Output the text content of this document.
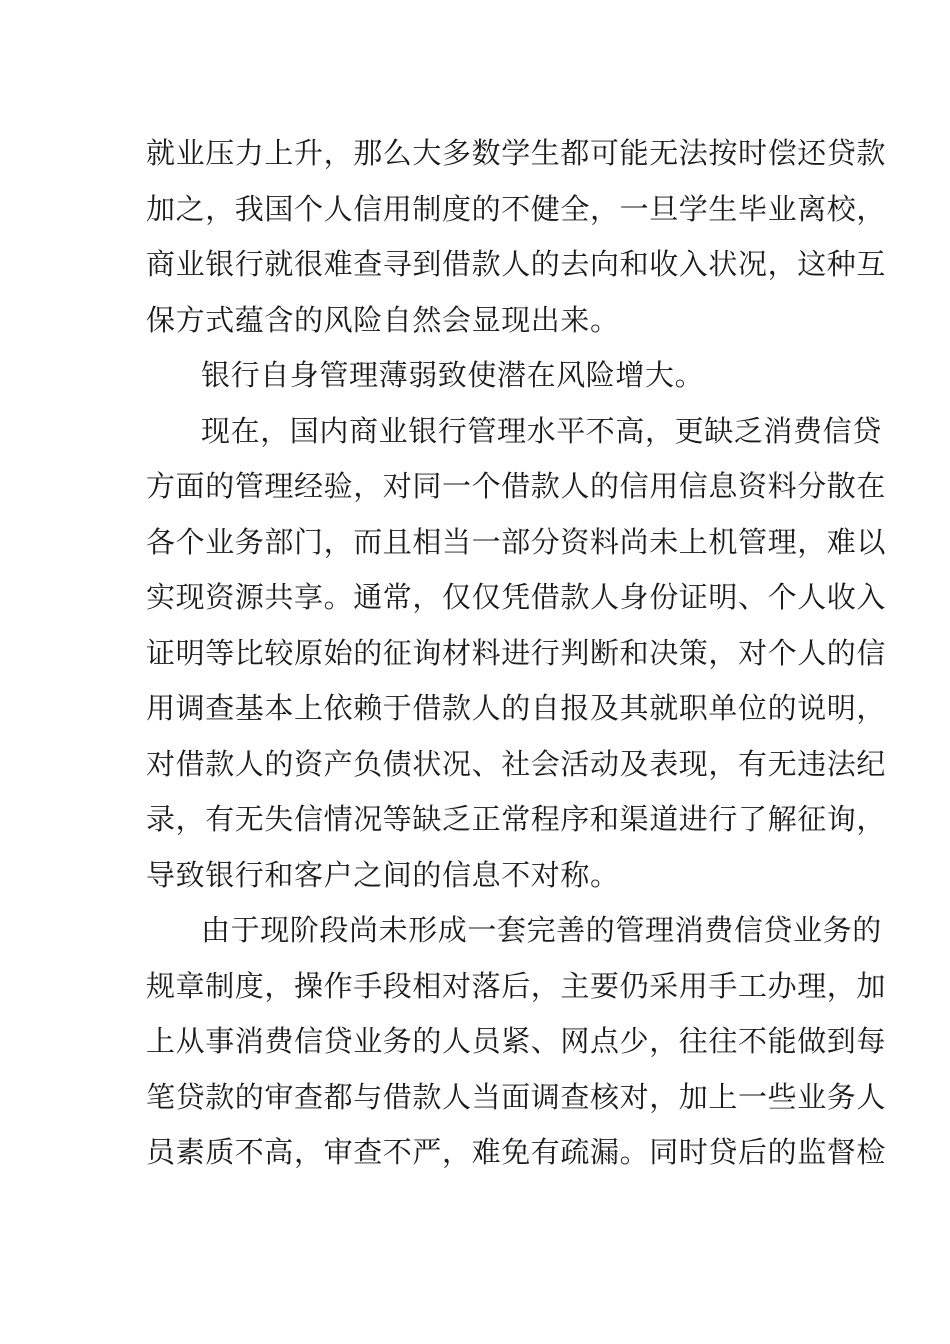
就业压力上升，那么大多数学生都可能无法按时偿还贷款
加之，我国个人信用制度的不健全，一旦学生毕业离校，
商业银行就很难查寻到借款人的去向和收入状况，这种互
保方式蕴含的风险自然会显现出来。
银行自身管理薄弱致使潜在风险增大。
现在，国内商业银行管理水平不高，更缺乏消费信贷
方面的管理经验，对同一个借款人的信用信息资料分散在
各个业务部门，而且相当一部分资料尚未上机管理，难以
实现资源共享。通常，仅仅凭借款人身份证明、个人收入
证明等比较原始的征询材料进行判断和决策，对个人的信
用调查基本上依赖于借款人的自报及其就职单位的说明，
对借款人的资产负债状况、社会活动及表现，有无违法纪
录，有无失信情况等缺乏正常程序和渠道进行了解征询，
导致银行和客户之间的信息不对称。
由于现阶段尚未形成一套完善的管理消费信贷业务的
规章制度，操作手段相对落后，主要仍采用手工办理，加
上从事消费信贷业务的人员紧、网点少，往往不能做到每
笔贷款的审查都与借款人当面调查核对，加上一些业务人
员素质不高，审查不严，难免有疏漏。同时贷后的监督检
